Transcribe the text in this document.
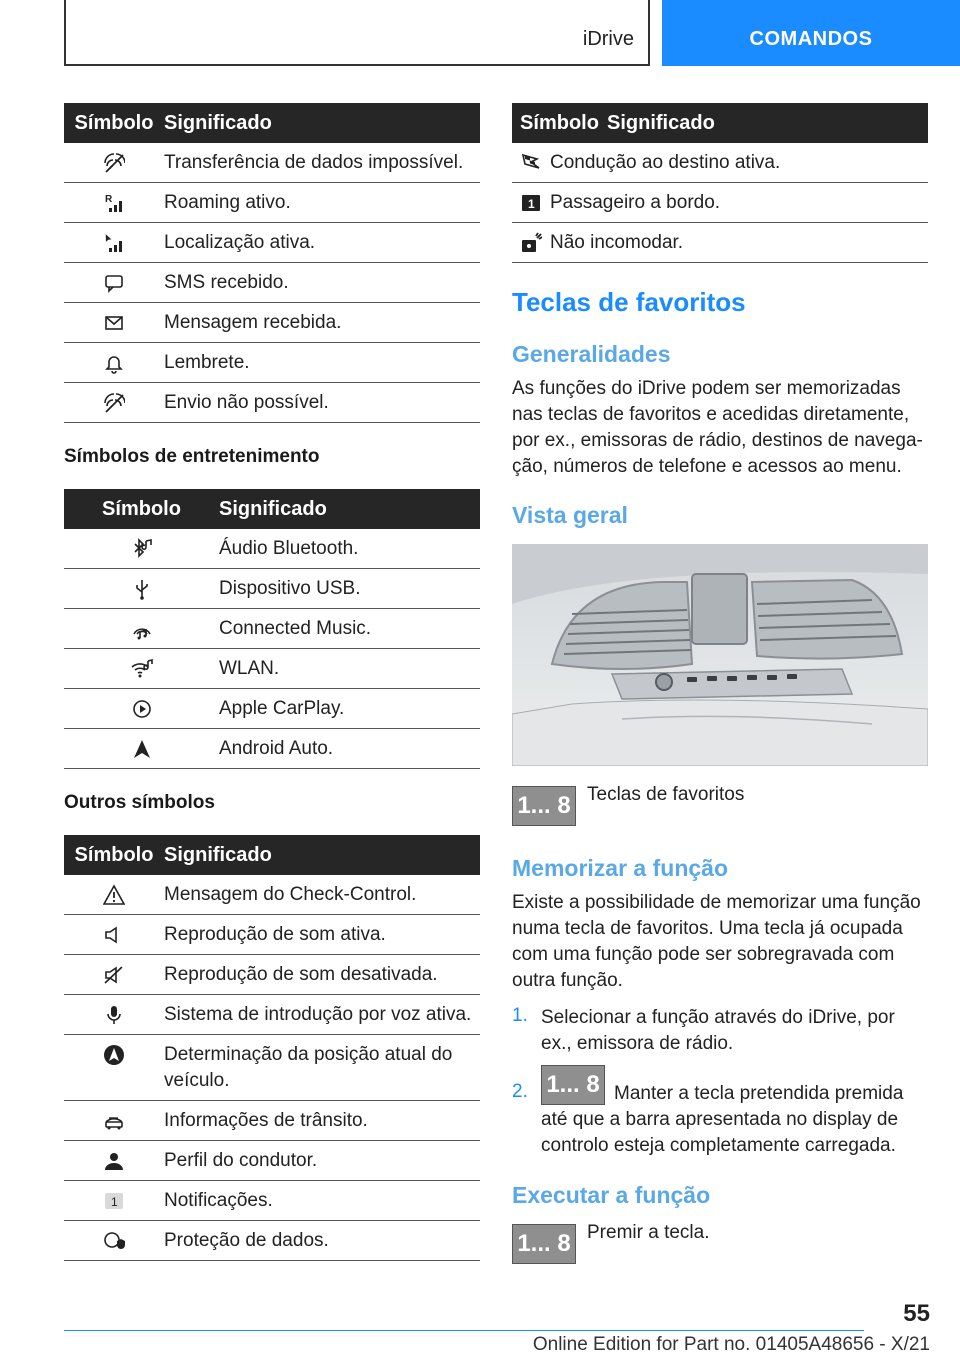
iDrive	COMANDOS
Símbolo Significado
Transferência de dados impossível.
R	Roaming ativo.
Localização ativa.
SMS recebido.
Mensagem recebida.
Lembrete.
Envio não possível.
Símbolos de entretenimento
Símbolo	Significado
Áudio Bluetooth.
Dispositivo USB.
Connected Music.
WLAN.
Apple CarPlay.
Android Auto.
Outros símbolos
Símbolo Significado
Mensagem do Check-Control.
Reprodução de som ativa.
Reprodução de som desativada.
Sistema de introdução por voz ativa.
Determinação da posição atual do veículo.
Informações de trânsito.
Perfil do condutor.
1 Notificações.
Proteção de dados.
Símbolo Significado
Condução ao destino ativa.
1 Passageiro a bordo.
Não incomodar.
Teclas de favoritos
Generalidades
As funções do iDrive podem ser memorizadas nas teclas de favoritos e acedidas diretamente, por ex., emissoras de rádio, destinos de navega-ção, números de telefone e acessos ao menu.
Vista geral
1... 8 Teclas de favoritos
Memorizar a função
Existe a possibilidade de memorizar uma função numa tecla de favoritos. Uma tecla já ocupada com uma função pode ser sobregravada com outra função.
1. Selecionar a função através do iDrive, por ex., emissora de rádio.
2. 1... 8 Manter a tecla pretendida premida
até que a barra apresentada no display de controlo esteja completamente carregada.
Executar a função
1... 8 Premir a tecla.
55
Online Edition for Part no. 01405A48656 - X/21
